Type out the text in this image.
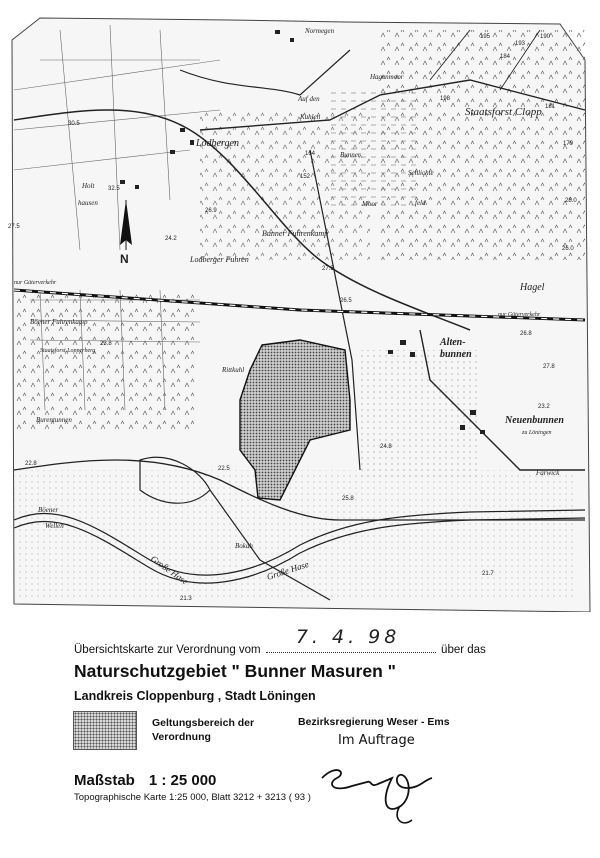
N
Lodbergen
Bunner Fuhrenkamp
Lodberger Fuhren
Alten-
bunnen
Neuenbunnen
zu Löningen
Bunner
Moor
Hagenmoor
Normegen
Auf den
Kuhlen	Staatsforst Clopp
Schlichte
feld
Hagel
Rittkuhl
Burentunnen
Böener
Wellen
Große Hase	Große Hase
Bokah
Farwick
Holt
hausen
Böener Fuhrenkamp
Staatsforst Lopperberg
nur Güterverkehr
nur Güterverkehr
27.5
30.5
32.5
26.5
27.5
28.0
26.8
27.8
24.8
25.8
22.8
21.3
23.2
22.5
21.7
24.2
26.9
195
193
190
184
198
181
179
164
152
26.0
23.8
Übersichtskarte zur Verordnung vom
7. 4. 98
über das
Naturschutzgebiet " Bunner Masuren "
Landkreis Cloppenburg , Stadt Löningen
Geltungsbereich der Verordnung
Bezirksregierung Weser - Ems
Im Auftrage
Maßstab 1 : 25 000
Topographische Karte 1:25 000, Blatt 3212 + 3213 ( 93 )
